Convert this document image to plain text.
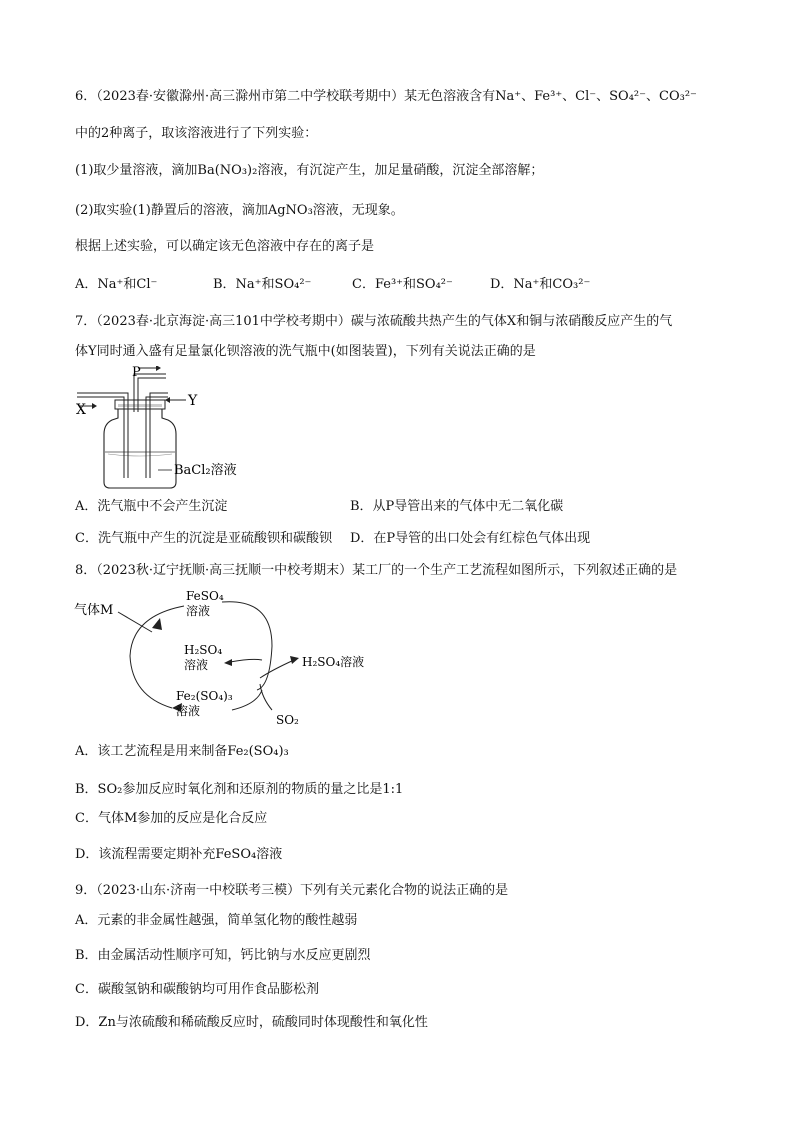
6．（2023春·安徽滁州·高三滁州市第二中学校联考期中）某无色溶液含有Na⁺、Fe³⁺、Cl⁻、SO₄²⁻、CO₃²⁻
中的2种离子，取该溶液进行了下列实验：
(1)取少量溶液，滴加Ba(NO₃)₂溶液，有沉淀产生，加足量硝酸，沉淀全部溶解；
(2)取实验(1)静置后的溶液，滴加AgNO₃溶液，无现象。
根据上述实验，可以确定该无色溶液中存在的离子是
A．Na⁺和Cl⁻	B．Na⁺和SO₄²⁻	C．Fe³⁺和SO₄²⁻	D．Na⁺和CO₃²⁻
7．（2023春·北京海淀·高三101中学校考期中）碳与浓硫酸共热产生的气体X和铜与浓硝酸反应产生的气
体Y同时通入盛有足量氯化钡溶液的洗气瓶中(如图装置)，下列有关说法正确的是
X
P
Y
BaCl₂溶液
A．洗气瓶中不会产生沉淀	B．从P导管出来的气体中无二氧化碳
C．洗气瓶中产生的沉淀是亚硫酸钡和碳酸钡 D．在P导管的出口处会有红棕色气体出现
8．（2023秋·辽宁抚顺·高三抚顺一中校考期末）某工厂的一个生产工艺流程如图所示，下列叙述正确的是
气体M
FeSO₄
溶液
H₂SO₄
溶液
Fe₂(SO₄)₃
溶液
H₂SO₄溶液
SO₂
A．该工艺流程是用来制备Fe₂(SO₄)₃
B．SO₂参加反应时氧化剂和还原剂的物质的量之比是1:1
C．气体M参加的反应是化合反应
D．该流程需要定期补充FeSO₄溶液
9．（2023·山东·济南一中校联考三模）下列有关元素化合物的说法正确的是
A．元素的非金属性越强，简单氢化物的酸性越弱
B．由金属活动性顺序可知，钙比钠与水反应更剧烈
C．碳酸氢钠和碳酸钠均可用作食品膨松剂
D．Zn与浓硫酸和稀硫酸反应时，硫酸同时体现酸性和氧化性
